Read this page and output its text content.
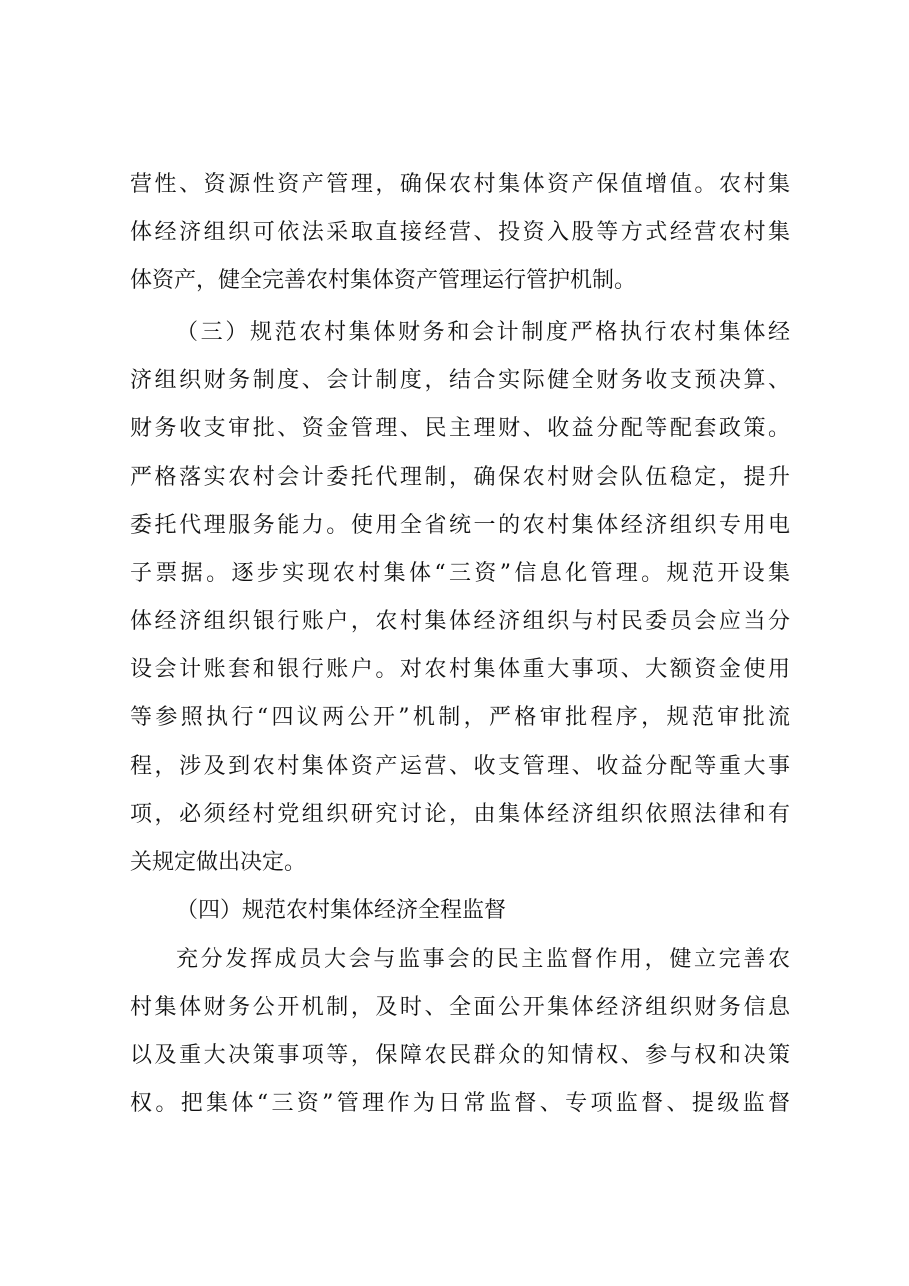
营性、资源性资产管理，确保农村集体资产保值增值。农村集
体经济组织可依法采取直接经营、投资入股等方式经营农村集
体资产，健全完善农村集体资产管理运行管护机制。
（三）规范农村集体财务和会计制度严格执行农村集体经
济组织财务制度、会计制度，结合实际健全财务收支预决算、
财务收支审批、资金管理、民主理财、收益分配等配套政策。
严格落实农村会计委托代理制，确保农村财会队伍稳定，提升
委托代理服务能力。使用全省统一的农村集体经济组织专用电
子票据。逐步实现农村集体“三资”信息化管理。规范开设集
体经济组织银行账户，农村集体经济组织与村民委员会应当分
设会计账套和银行账户。对农村集体重大事项、大额资金使用
等参照执行“四议两公开”机制，严格审批程序，规范审批流
程，涉及到农村集体资产运营、收支管理、收益分配等重大事
项，必须经村党组织研究讨论，由集体经济组织依照法律和有
关规定做出决定。
（四）规范农村集体经济全程监督
充分发挥成员大会与监事会的民主监督作用，健立完善农
村集体财务公开机制，及时、全面公开集体经济组织财务信息
以及重大决策事项等，保障农民群众的知情权、参与权和决策
权。把集体“三资”管理作为日常监督、专项监督、提级监督
